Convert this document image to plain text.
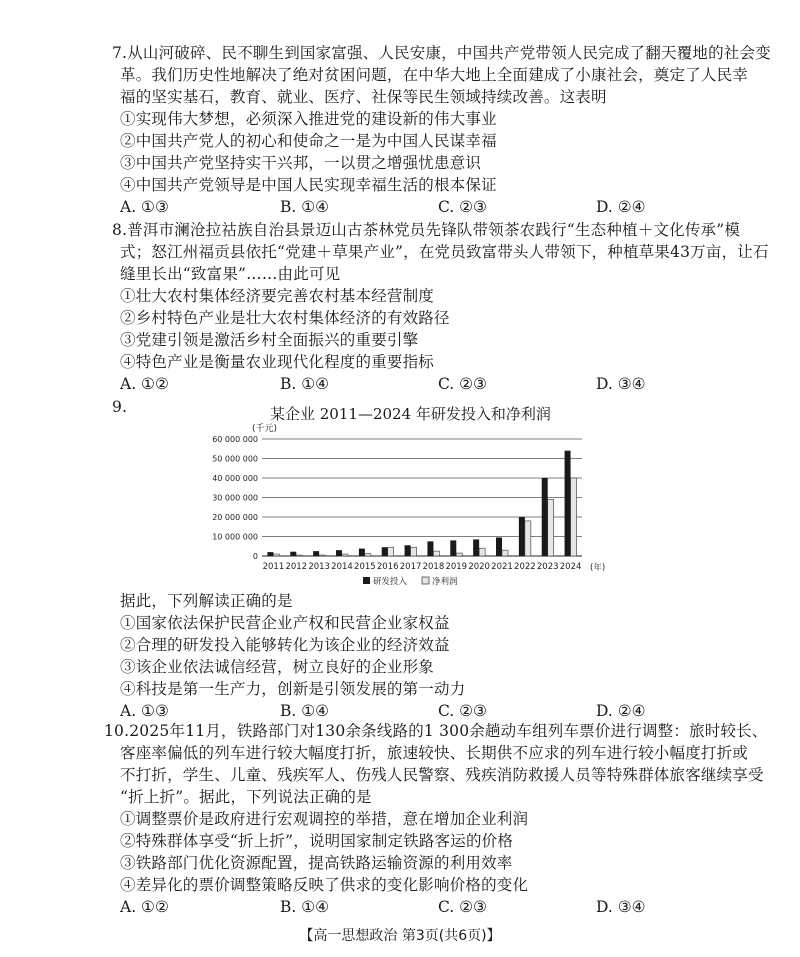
7.从山河破碎、民不聊生到国家富强、人民安康，中国共产党带领人民完成了翻天覆地的社会变
革。我们历史性地解决了绝对贫困问题，在中华大地上全面建成了小康社会，奠定了人民幸
福的坚实基石，教育、就业、医疗、社保等民生领域持续改善。这表明
①实现伟大梦想，必须深入推进党的建设新的伟大事业
②中国共产党人的初心和使命之一是为中国人民谋幸福
③中国共产党坚持实干兴邦，一以贯之增强忧患意识
④中国共产党领导是中国人民实现幸福生活的根本保证
A. ①③	B. ①④	C. ②③	D. ②④
8.普洱市澜沧拉祜族自治县景迈山古茶林党员先锋队带领茶农践行“生态种植＋文化传承”模
式；怒江州福贡县依托“党建＋草果产业”，在党员致富带头人带领下，种植草果43万亩，让石
缝里长出“致富果”……由此可见
①壮大农村集体经济要完善农村基本经营制度
②乡村特色产业是壮大农村集体经济的有效路径
③党建引领是激活乡村全面振兴的重要引擎
④特色产业是衡量农业现代化程度的重要指标
A. ①②	B. ①④	C. ②③	D. ③④
9.	某企业 2011—2024 年研发投入和净利润
0
10 000 000
20 000 000
30 000 000
40 000 000
50 000 000
60 000 000
2011 2012 2013 2014 2015 2016 2017 2018 2019 2020 2021 2022 2023 2024
(千元)
(年)
研发投入	净利润
据此，下列解读正确的是
①国家依法保护民营企业产权和民营企业家权益
②合理的研发投入能够转化为该企业的经济效益
③该企业依法诚信经营，树立良好的企业形象
④科技是第一生产力，创新是引领发展的第一动力
A. ①③	B. ①④	C. ②③	D. ②④
10.2025年11月，铁路部门对130余条线路的1 300余趟动车组列车票价进行调整：旅时较长、
客座率偏低的列车进行较大幅度打折，旅速较快、长期供不应求的列车进行较小幅度打折或
不打折，学生、儿童、残疾军人、伤残人民警察、残疾消防救援人员等特殊群体旅客继续享受
“折上折”。据此，下列说法正确的是
①调整票价是政府进行宏观调控的举措，意在增加企业利润
②特殊群体享受“折上折”，说明国家制定铁路客运的价格
③铁路部门优化资源配置，提高铁路运输资源的利用效率
④差异化的票价调整策略反映了供求的变化影响价格的变化
A. ①②	B. ①④	C. ②③	D. ③④
【高一思想政治 第3页(共6页)】
